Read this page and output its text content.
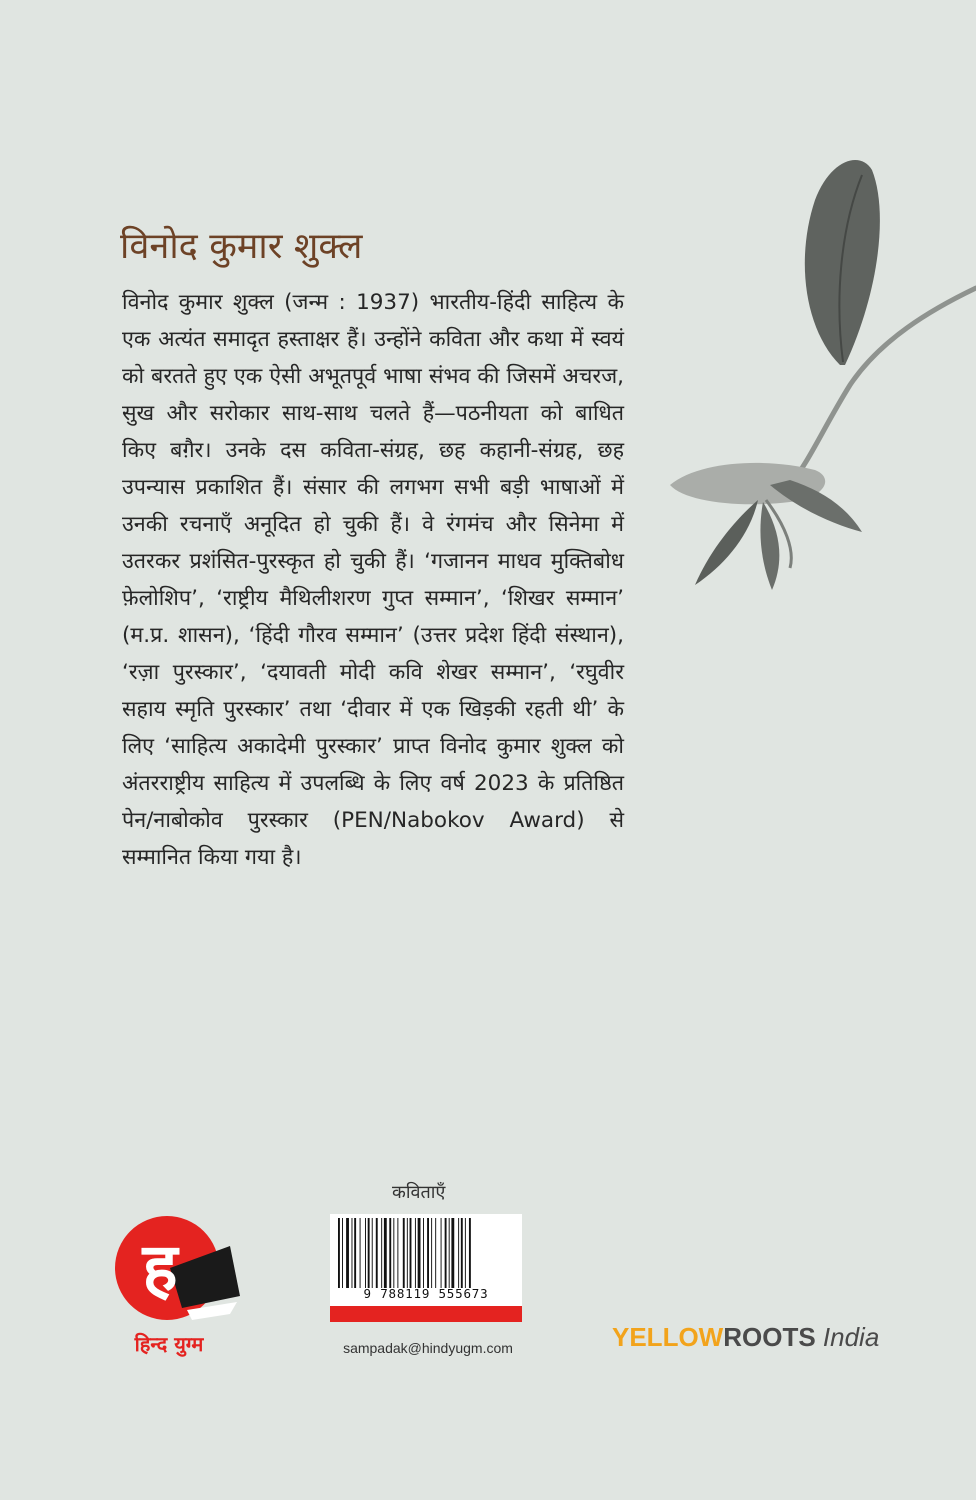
विनोद कुमार शुक्ल

विनोद कुमार शुक्ल (जन्म : 1937) भारतीय-हिंदी साहित्य के एक अत्यंत समादृत हस्ताक्षर हैं। उन्होंने कविता और कथा में स्वयं को बरतते हुए एक ऐसी अभूतपूर्व भाषा संभव की जिसमें अचरज, सुख और सरोकार साथ-साथ चलते हैं—पठनीयता को बाधित किए बग़ैर। उनके दस कविता-संग्रह, छह कहानी-संग्रह, छह उपन्यास प्रकाशित हैं। संसार की लगभग सभी बड़ी भाषाओं में उनकी रचनाएँ अनूदित हो चुकी हैं। वे रंगमंच और सिनेमा में उतरकर प्रशंसित-पुरस्कृत हो चुकी हैं। ‘गजानन माधव मुक्तिबोध फ़ेलोशिप’, ‘राष्ट्रीय मैथिलीशरण गुप्त सम्मान’, ‘शिखर सम्मान’ (म.प्र. शासन), ‘हिंदी गौरव सम्मान’ (उत्तर प्रदेश हिंदी संस्थान), ‘रज़ा पुरस्कार’, ‘दयावती मोदी कवि शेखर सम्मान’, ‘रघुवीर सहाय स्मृति पुरस्कार’ तथा ‘दीवार में एक खिड़की रहती थी’ के लिए ‘साहित्य अकादेमी पुरस्कार’ प्राप्त विनोद कुमार शुक्ल को अंतरराष्ट्रीय साहित्य में उपलब्धि के लिए वर्ष 2023 के प्रतिष्ठित पेन/नाबोकोव पुरस्कार (PEN/Nabokov Award) से सम्मानित किया गया है।

ह
हिन्द युग्म
कविताएँ
9 788119 555673
sampadak@hindyugm.com	YELLOWROOTS India
